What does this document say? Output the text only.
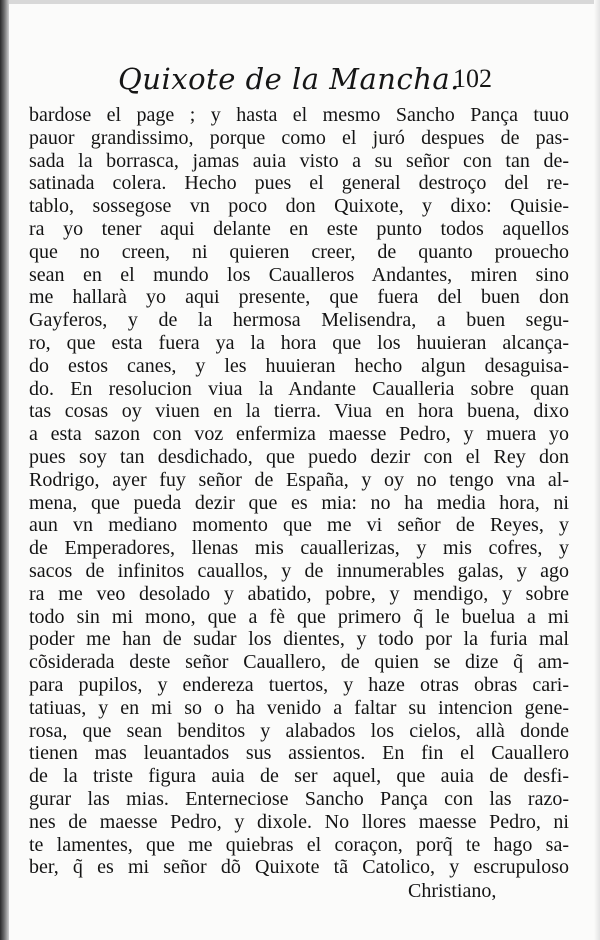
Quixote de la Mancha.
102
bardose el page ; y hasta el mesmo Sancho Pança tuuo
pauor grandissimo, porque como el juró despues de pas-
sada la borrasca, jamas auia visto a su señor con tan de-
satinada colera. Hecho pues el general destroço del re-
tablo, sossegose vn poco don Quixote, y dixo: Quisie-
ra yo tener aqui delante en este punto todos aquellos
que no creen, ni quieren creer, de quanto prouecho
sean en el mundo los Caualleros Andantes, miren sino
me hallarà yo aqui presente, que fuera del buen don
Gayferos, y de la hermosa Melisendra, a buen segu-
ro, que esta fuera ya la hora que los huuieran alcança-
do estos canes, y les huuieran hecho algun desaguisa-
do. En resolucion viua la Andante Caualleria sobre quan
tas cosas oy viuen en la tierra. Viua en hora buena, dixo
a esta sazon con voz enfermiza maesse Pedro, y muera yo
pues soy tan desdichado, que puedo dezir con el Rey don
Rodrigo, ayer fuy señor de España, y oy no tengo vna al-
mena, que pueda dezir que es mia: no ha media hora, ni
aun vn mediano momento que me vi señor de Reyes, y
de Emperadores, llenas mis cauallerizas, y mis cofres, y
sacos de infinitos cauallos, y de innumerables galas, y ago
ra me veo desolado y abatido, pobre, y mendigo, y sobre
todo sin mi mono, que a fè que primero q̃ le buelua a mi
poder me han de sudar los dientes, y todo por la furia mal
cõsiderada deste señor Cauallero, de quien se dize q̃ am-
para pupilos, y endereza tuertos, y haze otras obras cari-
tatiuas, y en mi so o ha venido a faltar su intencion gene-
rosa, que sean benditos y alabados los cielos, allà donde
tienen mas leuantados sus assientos. En fin el Cauallero
de la triste figura auia de ser aquel, que auia de desfi-
gurar las mias. Enterneciose Sancho Pança con las razo-
nes de maesse Pedro, y dixole. No llores maesse Pedro, ni
te lamentes, que me quiebras el coraçon, porq̃ te hago sa-
ber, q̃ es mi señor dõ Quixote tã Catolico, y escrupuloso
Christiano,
